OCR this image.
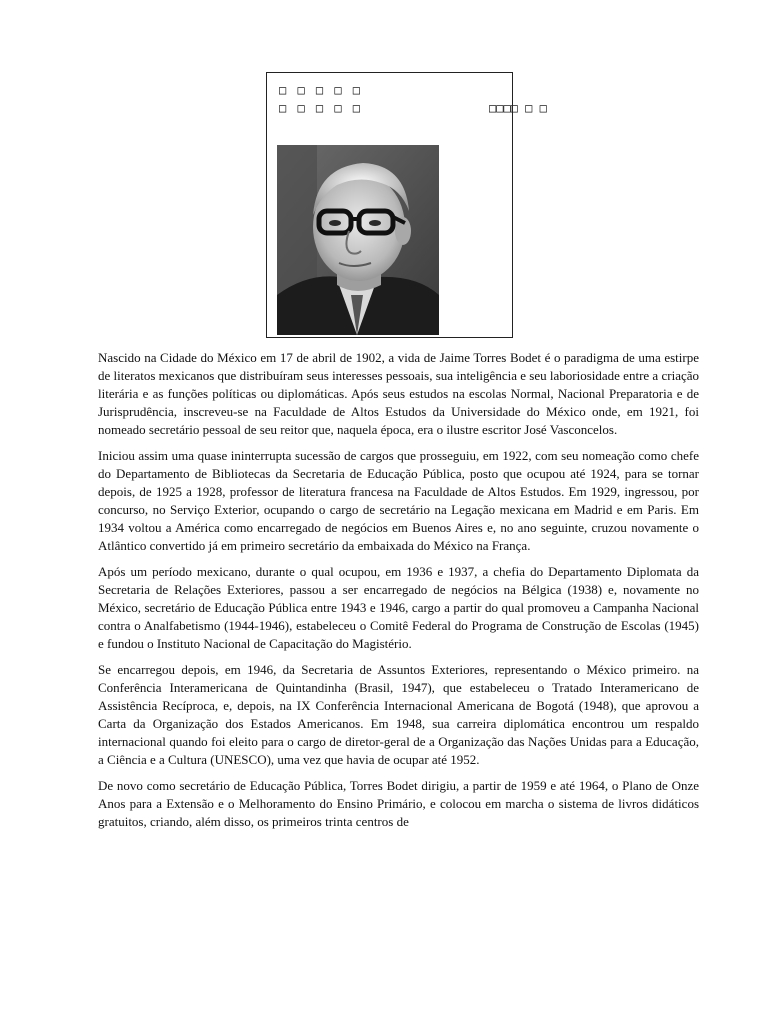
□ □ □ □ □
□ □ □ □ □	□□□□ □ □

Nascido na Cidade do México em 17 de abril de 1902, a vida de Jaime Torres Bodet é o paradigma de uma estirpe de literatos mexicanos que distribuíram seus interesses pessoais, sua inteligência e seu laboriosidade entre a criação literária e as funções políticas ou diplomáticas. Após seus estudos na escolas Normal, Nacional Preparatoria e de Jurisprudência, inscreveu-se na Faculdade de Altos Estudos da Universidade do México onde, em 1921, foi nomeado secretário pessoal de seu reitor que, naquela época, era o ilustre escritor José Vasconcelos.

Iniciou assim uma quase ininterrupta sucessão de cargos que prosseguiu, em 1922, com seu nomeação como chefe do Departamento de Bibliotecas da Secretaria de Educação Pública, posto que ocupou até 1924, para se tornar depois, de 1925 a 1928, professor de literatura francesa na Faculdade de Altos Estudos. Em 1929, ingressou, por concurso, no Serviço Exterior, ocupando o cargo de secretário na Legação mexicana em Madrid e em Paris. Em 1934 voltou a América como encarregado de negócios em Buenos Aires e, no ano seguinte, cruzou novamente o Atlântico convertido já em primeiro secretário da embaixada do México na França.

Após um período mexicano, durante o qual ocupou, em 1936 e 1937, a chefia do Departamento Diplomata da Secretaria de Relações Exteriores, passou a ser encarregado de negócios na Bélgica (1938) e, novamente no México, secretário de Educação Pública entre 1943 e 1946, cargo a partir do qual promoveu a Campanha Nacional contra o Analfabetismo (1944-1946), estabeleceu o Comitê Federal do Programa de Construção de Escolas (1945) e fundou o Instituto Nacional de Capacitação do Magistério.

Se encarregou depois, em 1946, da Secretaria de Assuntos Exteriores, representando o México primeiro. na Conferência Interamericana de Quintandinha (Brasil, 1947), que estabeleceu o Tratado Interamericano de Assistência Recíproca, e, depois, na IX Conferência Internacional Americana de Bogotá (1948), que aprovou a Carta da Organização dos Estados Americanos. Em 1948, sua carreira diplomática encontrou um respaldo internacional quando foi eleito para o cargo de diretor-geral de a Organização das Nações Unidas para a Educação, a Ciência e a Cultura (UNESCO), uma vez que havia de ocupar até 1952.

De novo como secretário de Educação Pública, Torres Bodet dirigiu, a partir de 1959 e até 1964, o Plano de Onze Anos para a Extensão e o Melhoramento do Ensino Primário, e colocou em marcha o sistema de livros didáticos gratuitos, criando, além disso, os primeiros trinta centros de
